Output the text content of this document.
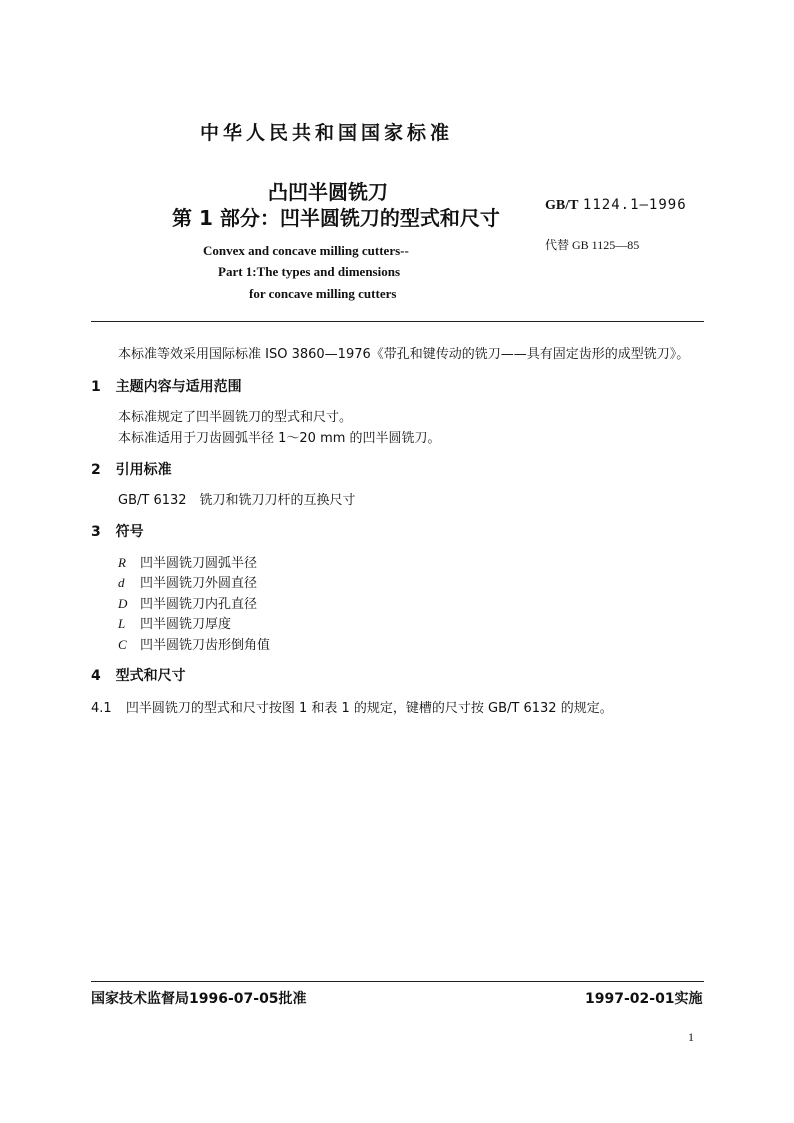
中华人民共和国国家标准
凸凹半圆铣刀
第 1 部分：凹半圆铣刀的型式和尺寸
Convex and concave milling cutters--
Part 1:The types and dimensions
for concave milling cutters
GB/T 1124.1—1996
代替 GB 1125—85
本标准等效采用国际标准 ISO 3860—1976《带孔和键传动的铣刀——具有固定齿形的成型铣刀》。
1 主题内容与适用范围
本标准规定了凹半圆铣刀的型式和尺寸。
本标准适用于刀齿圆弧半径 1～20 mm 的凹半圆铣刀。
2 引用标准
GB/T 6132　铣刀和铣刀刀杆的互换尺寸
3 符号
R 凹半圆铣刀圆弧半径
d 凹半圆铣刀外圆直径
D 凹半圆铣刀内孔直径
L 凹半圆铣刀厚度
C 凹半圆铣刀齿形倒角值
4 型式和尺寸
4.1 凹半圆铣刀的型式和尺寸按图 1 和表 1 的规定，键槽的尺寸按 GB/T 6132 的规定。
国家技术监督局1996-07-05批准	1997-02-01实施
1
